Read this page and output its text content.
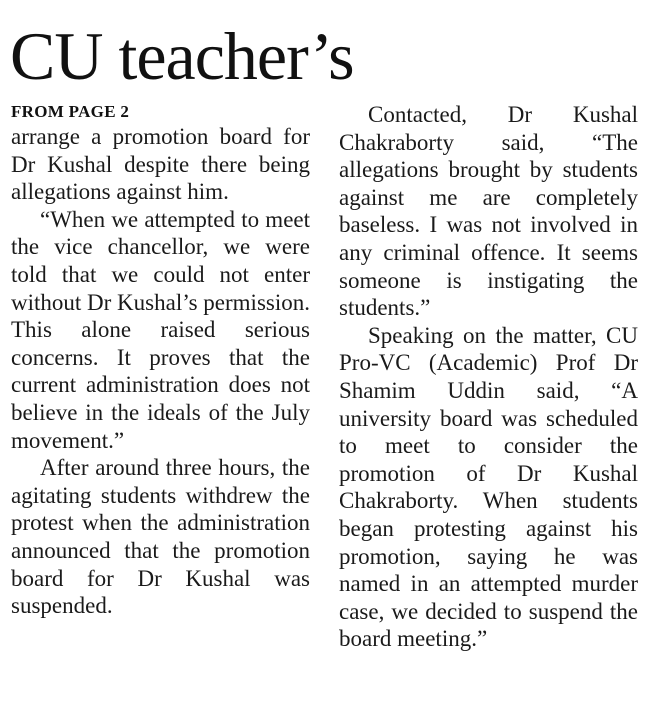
CU teacher’s
FROM PAGE 2

arrange a promotion board for Dr Kushal despite there being allegations against him.

“When we attempted to meet the vice chancellor, we were told that we could not enter without Dr Kushal’s permission. This alone raised serious concerns. It proves that the current administration does not believe in the ideals of the July movement.”

After around three hours, the agitating students withdrew the protest when the administration announced that the promotion board for Dr Kushal was suspended.

Contacted, Dr Kushal Chakraborty said, “The allegations brought by students against me are completely baseless. I was not involved in any criminal offence. It seems someone is instigating the students.”

Speaking on the matter, CU Pro-VC (Academic) Prof Dr Shamim Uddin said, “A university board was scheduled to meet to consider the promotion of Dr Kushal Chakraborty. When students began protesting against his promotion, saying he was named in an attempted murder case, we decided to suspend the board meeting.”
